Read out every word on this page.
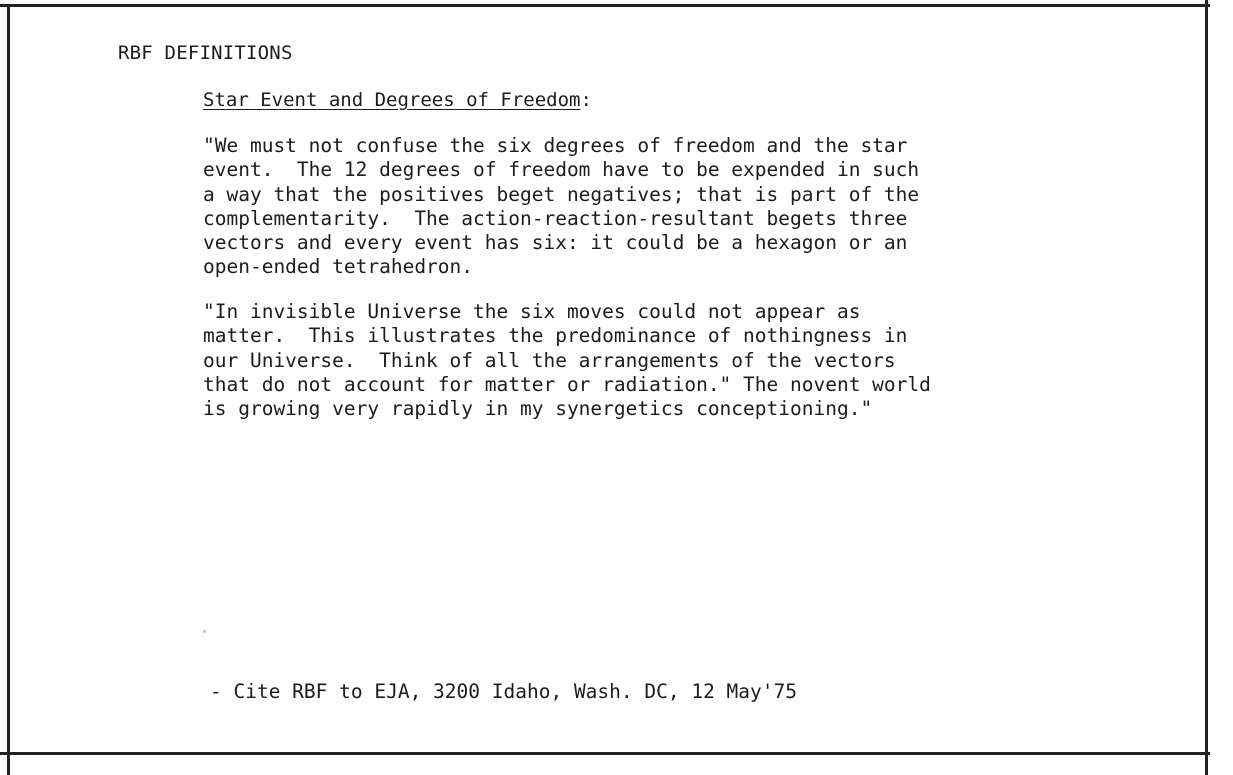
RBF DEFINITIONS
Star Event and Degrees of Freedom:
"We must not confuse the six degrees of freedom and the star
event.  The 12 degrees of freedom have to be expended in such
a way that the positives beget negatives; that is part of the
complementarity.  The action-reaction-resultant begets three
vectors and every event has six: it could be a hexagon or an
open-ended tetrahedron.
"In invisible Universe the six moves could not appear as
matter.  This illustrates the predominance of nothingness in
our Universe.  Think of all the arrangements of the vectors
that do not account for matter or radiation." The novent world
is growing very rapidly in my synergetics conceptioning."
- Cite RBF to EJA, 3200 Idaho, Wash. DC, 12 May'75
